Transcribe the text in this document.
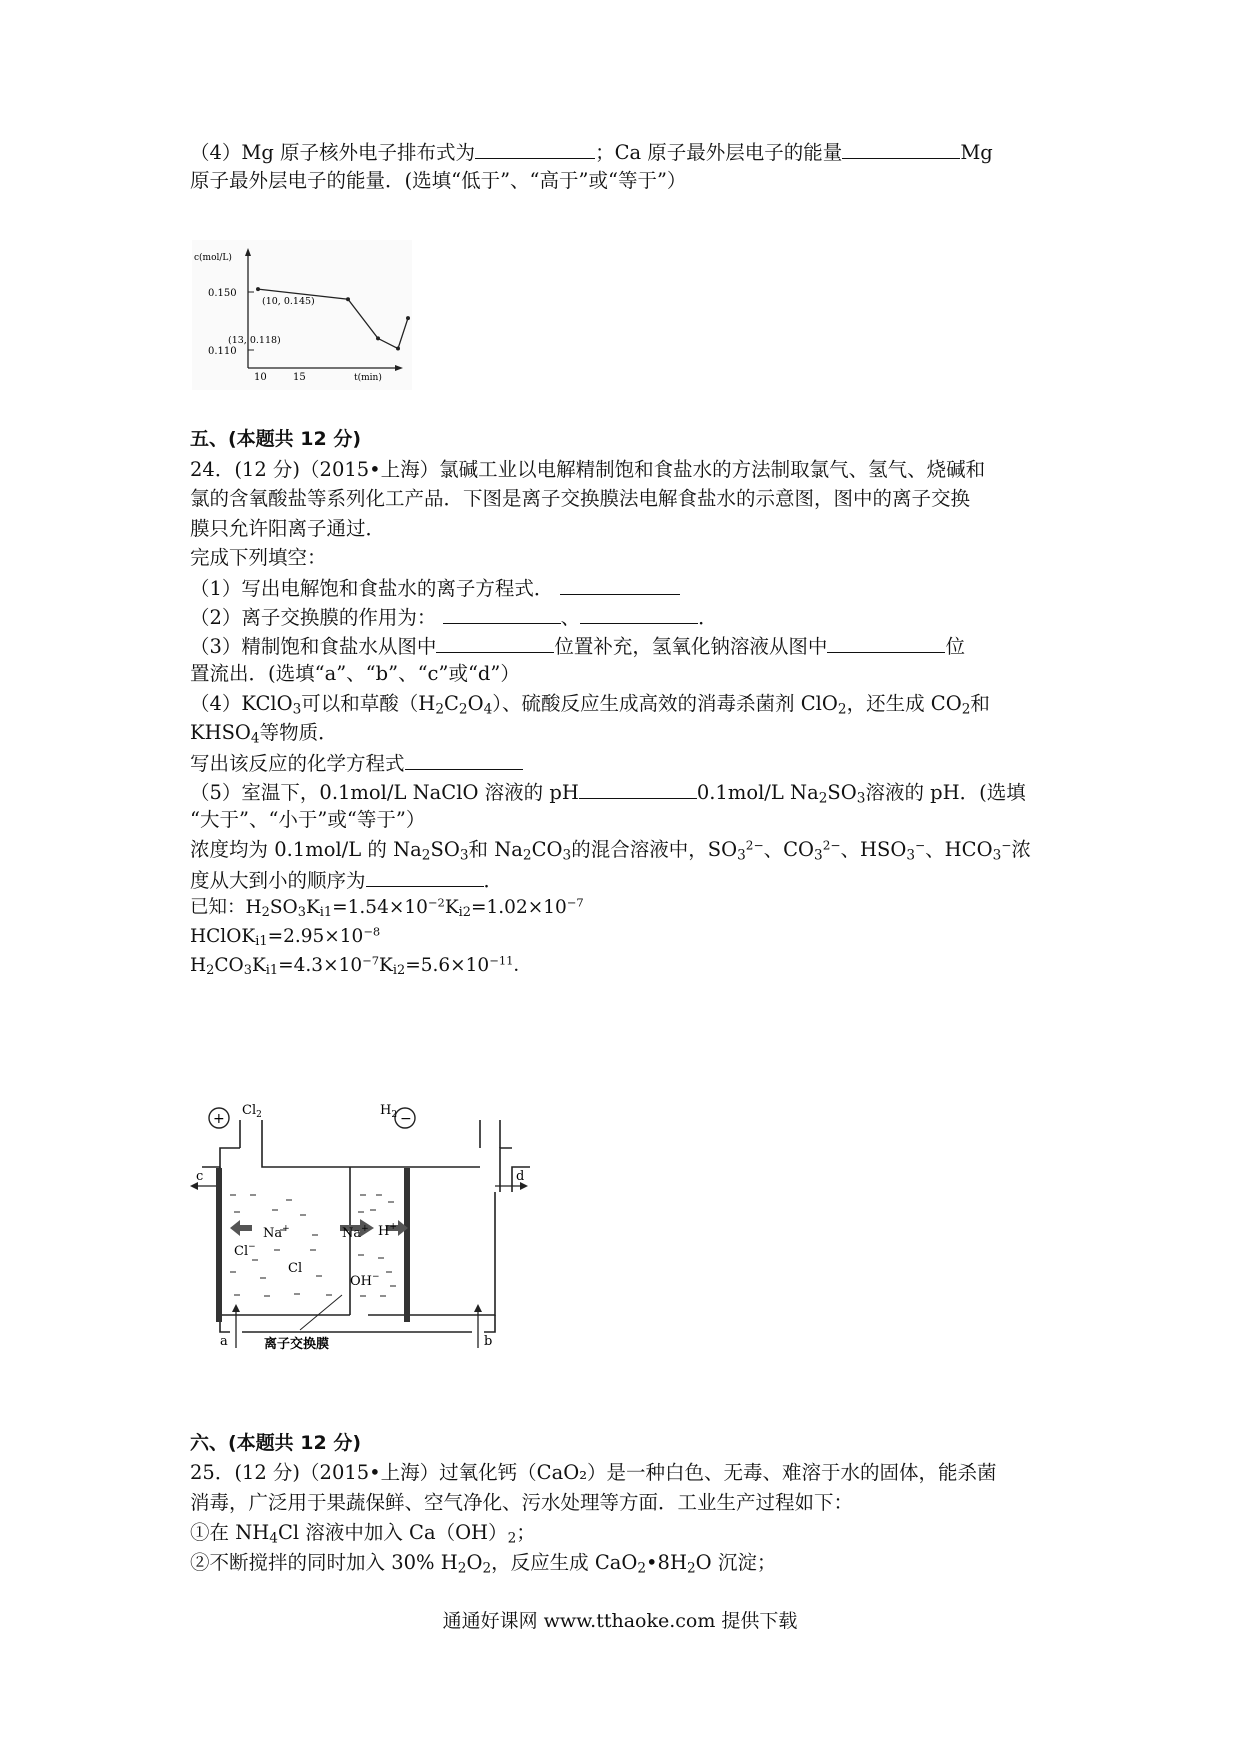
（4）Mg 原子核外电子排布式为	；Ca 原子最外层电子的能量	Mg
原子最外层电子的能量．(选填“低于”、“高于”或“等于”）
c(mol/L)
t(min)
0.150
0.110
10	15
(10, 0.145)
(13, 0.118)
五、(本题共 12 分)
24．(12 分)（2015•上海）氯碱工业以电解精制饱和食盐水的方法制取氯气、氢气、烧碱和
氯的含氧酸盐等系列化工产品．下图是离子交换膜法电解食盐水的示意图，图中的离子交换
膜只允许阳离子通过．
完成下列填空：
（1）写出电解饱和食盐水的离子方程式．
（2）离子交换膜的作用为：	、	．
（3）精制饱和食盐水从图中	位置补充，氢氧化钠溶液从图中	位
置流出．(选填“a”、“b”、“c”或“d”）
（4）KClO$_3$可以和草酸$(H_2C_2O_4)$、硫酸反应生成高效的消毒杀菌剂 ClO$_2$，还生成 $CO_2$和
$KHSO_4$等物质．
写出该反应的化学方程式
（5）室温下，0.1mol/L NaClO 溶液的 pH	0.1mol/L $Na_2SO_3$溶液的 pH．(选填
“大于”、“小于”或“等于”）
浓度均为 0.1mol/L 的 $Na_2SO_3$和 $Na_2CO_3$的混合溶液中，$SO_3^{2-}$、$CO_3^{2-}$、$HSO_3^-$、$HCO_3^-$浓
度从大到小的顺序为	．
已知：$H_2SO_3K_{i1}=1.54\times 10^{-2}K_{i2}=1.02\times 10^{-7}$
$HClOK_{i1}=2.95\times 10^{-8}$
$H_2CO_3K_{i1}=4.3\times 10^{-7}K_{i2}=5.6\times 10^{-11}$．
+	−
$Cl_2$	$H_2$
c	d
a	b
Cl−
Na+	Na+ H+
Cl
OH−
离子交换膜
六、(本题共 12 分)
25．(12 分)（2015•上海）过氧化钙（CaO₂）是一种白色、无毒、难溶于水的固体，能杀菌
消毒，广泛用于果蔬保鲜、空气净化、污水处理等方面．工业生产过程如下：
①在 $NH_4Cl$ 溶液中加入 $Ca(OH)_2$；
②不断搅拌的同时加入 30% $H_2O_2$，反应生成 $CaO_2•8H_2O$ 沉淀；
通通好课网 www.tthaoke.com 提供下载
